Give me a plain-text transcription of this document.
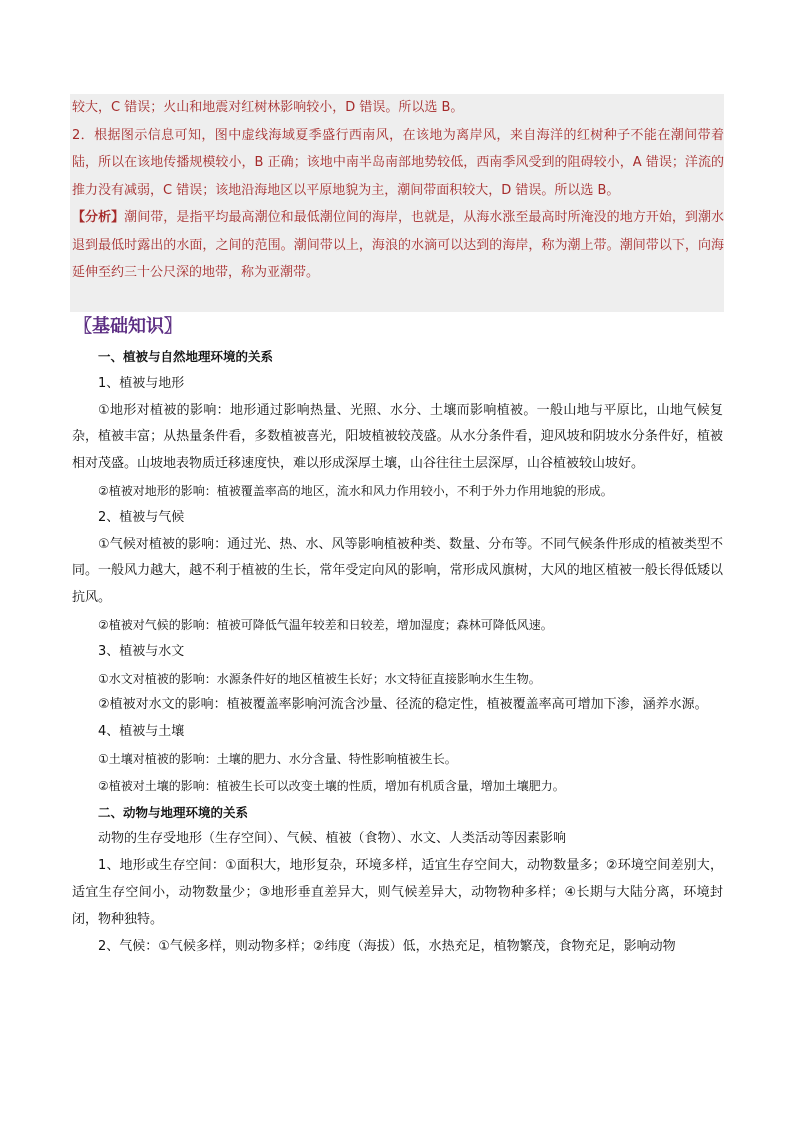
较大，C 错误；火山和地震对红树林影响较小，D 错误。所以选 B。

2．根据图示信息可知，图中虚线海域夏季盛行西南风，在该地为离岸风，来自海洋的红树种子不能在潮间带着陆，所以在该地传播规模较小，B 正确；该地中南半岛南部地势较低，西南季风受到的阻碍较小，A 错误；洋流的推力没有减弱，C 错误；该地沿海地区以平原地貌为主，潮间带面积较大，D 错误。所以选 B。

【分析】潮间带，是指平均最高潮位和最低潮位间的海岸，也就是，从海水涨至最高时所淹没的地方开始，到潮水退到最低时露出的水面，之间的范围。潮间带以上，海浪的水滴可以达到的海岸，称为潮上带。潮间带以下，向海延伸至约三十公尺深的地带，称为亚潮带。

〖基础知识〗

一、植被与自然地理环境的关系

1、植被与地形

①地形对植被的影响：地形通过影响热量、光照、水分、土壤而影响植被。一般山地与平原比，山地气候复杂，植被丰富；从热量条件看，多数植被喜光，阳坡植被较茂盛。从水分条件看，迎风坡和阴坡水分条件好，植被相对茂盛。山坡地表物质迁移速度快，难以形成深厚土壤，山谷往往土层深厚，山谷植被较山坡好。

②植被对地形的影响：植被覆盖率高的地区，流水和风力作用较小，不利于外力作用地貌的形成。

2、植被与气候

①气候对植被的影响：通过光、热、水、风等影响植被种类、数量、分布等。不同气候条件形成的植被类型不同。一般风力越大，越不利于植被的生长，常年受定向风的影响，常形成风旗树，大风的地区植被一般长得低矮以抗风。

②植被对气候的影响：植被可降低气温年较差和日较差，增加湿度；森林可降低风速。

3、植被与水文

①水文对植被的影响：水源条件好的地区植被生长好；水文特征直接影响水生生物。

②植被对水文的影响：植被覆盖率影响河流含沙量、径流的稳定性，植被覆盖率高可增加下渗，涵养水源。

4、植被与土壤

①土壤对植被的影响：土壤的肥力、水分含量、特性影响植被生长。

②植被对土壤的影响：植被生长可以改变土壤的性质，增加有机质含量，增加土壤肥力。

二、动物与地理环境的关系

动物的生存受地形（生存空间）、气候、植被（食物）、水文、人类活动等因素影响

1、地形或生存空间：①面积大，地形复杂，环境多样，适宜生存空间大，动物数量多；②环境空间差别大，适宜生存空间小，动物数量少；③地形垂直差异大，则气候差异大，动物物种多样；④长期与大陆分离，环境封闭，物种独特。

2、气候：①气候多样，则动物多样；②纬度（海拔）低，水热充足，植物繁茂，食物充足，影响动物
